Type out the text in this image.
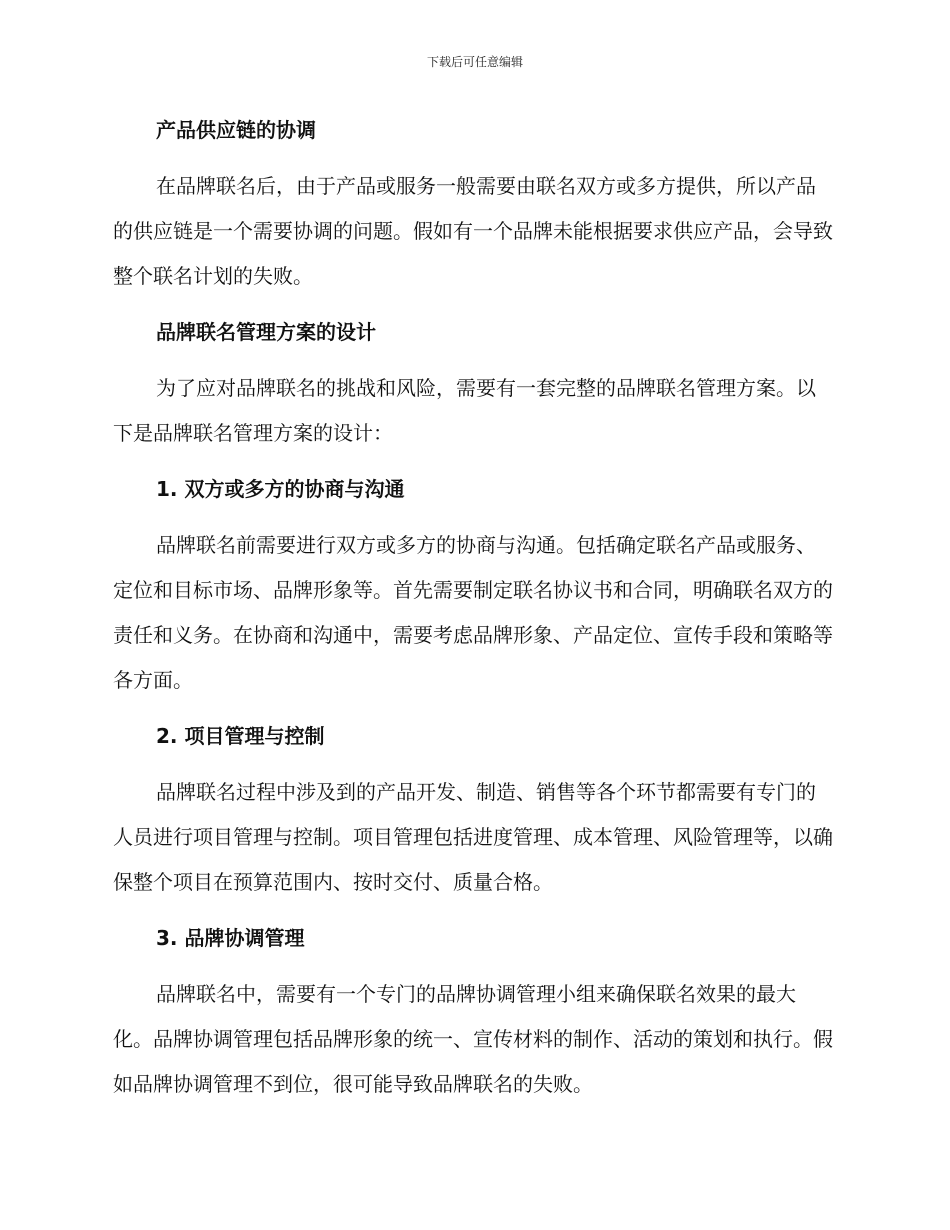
下载后可任意编辑
产品供应链的协调
在品牌联名后，由于产品或服务一般需要由联名双方或多方提供，所以产品的供应链是一个需要协调的问题。假如有一个品牌未能根据要求供应产品，会导致整个联名计划的失败。
品牌联名管理方案的设计
为了应对品牌联名的挑战和风险，需要有一套完整的品牌联名管理方案。以下是品牌联名管理方案的设计：
1. 双方或多方的协商与沟通
品牌联名前需要进行双方或多方的协商与沟通。包括确定联名产品或服务、定位和目标市场、品牌形象等。首先需要制定联名协议书和合同，明确联名双方的责任和义务。在协商和沟通中，需要考虑品牌形象、产品定位、宣传手段和策略等各方面。
2. 项目管理与控制
品牌联名过程中涉及到的产品开发、制造、销售等各个环节都需要有专门的人员进行项目管理与控制。项目管理包括进度管理、成本管理、风险管理等，以确保整个项目在预算范围内、按时交付、质量合格。
3. 品牌协调管理
品牌联名中，需要有一个专门的品牌协调管理小组来确保联名效果的最大化。品牌协调管理包括品牌形象的统一、宣传材料的制作、活动的策划和执行。假如品牌协调管理不到位，很可能导致品牌联名的失败。
